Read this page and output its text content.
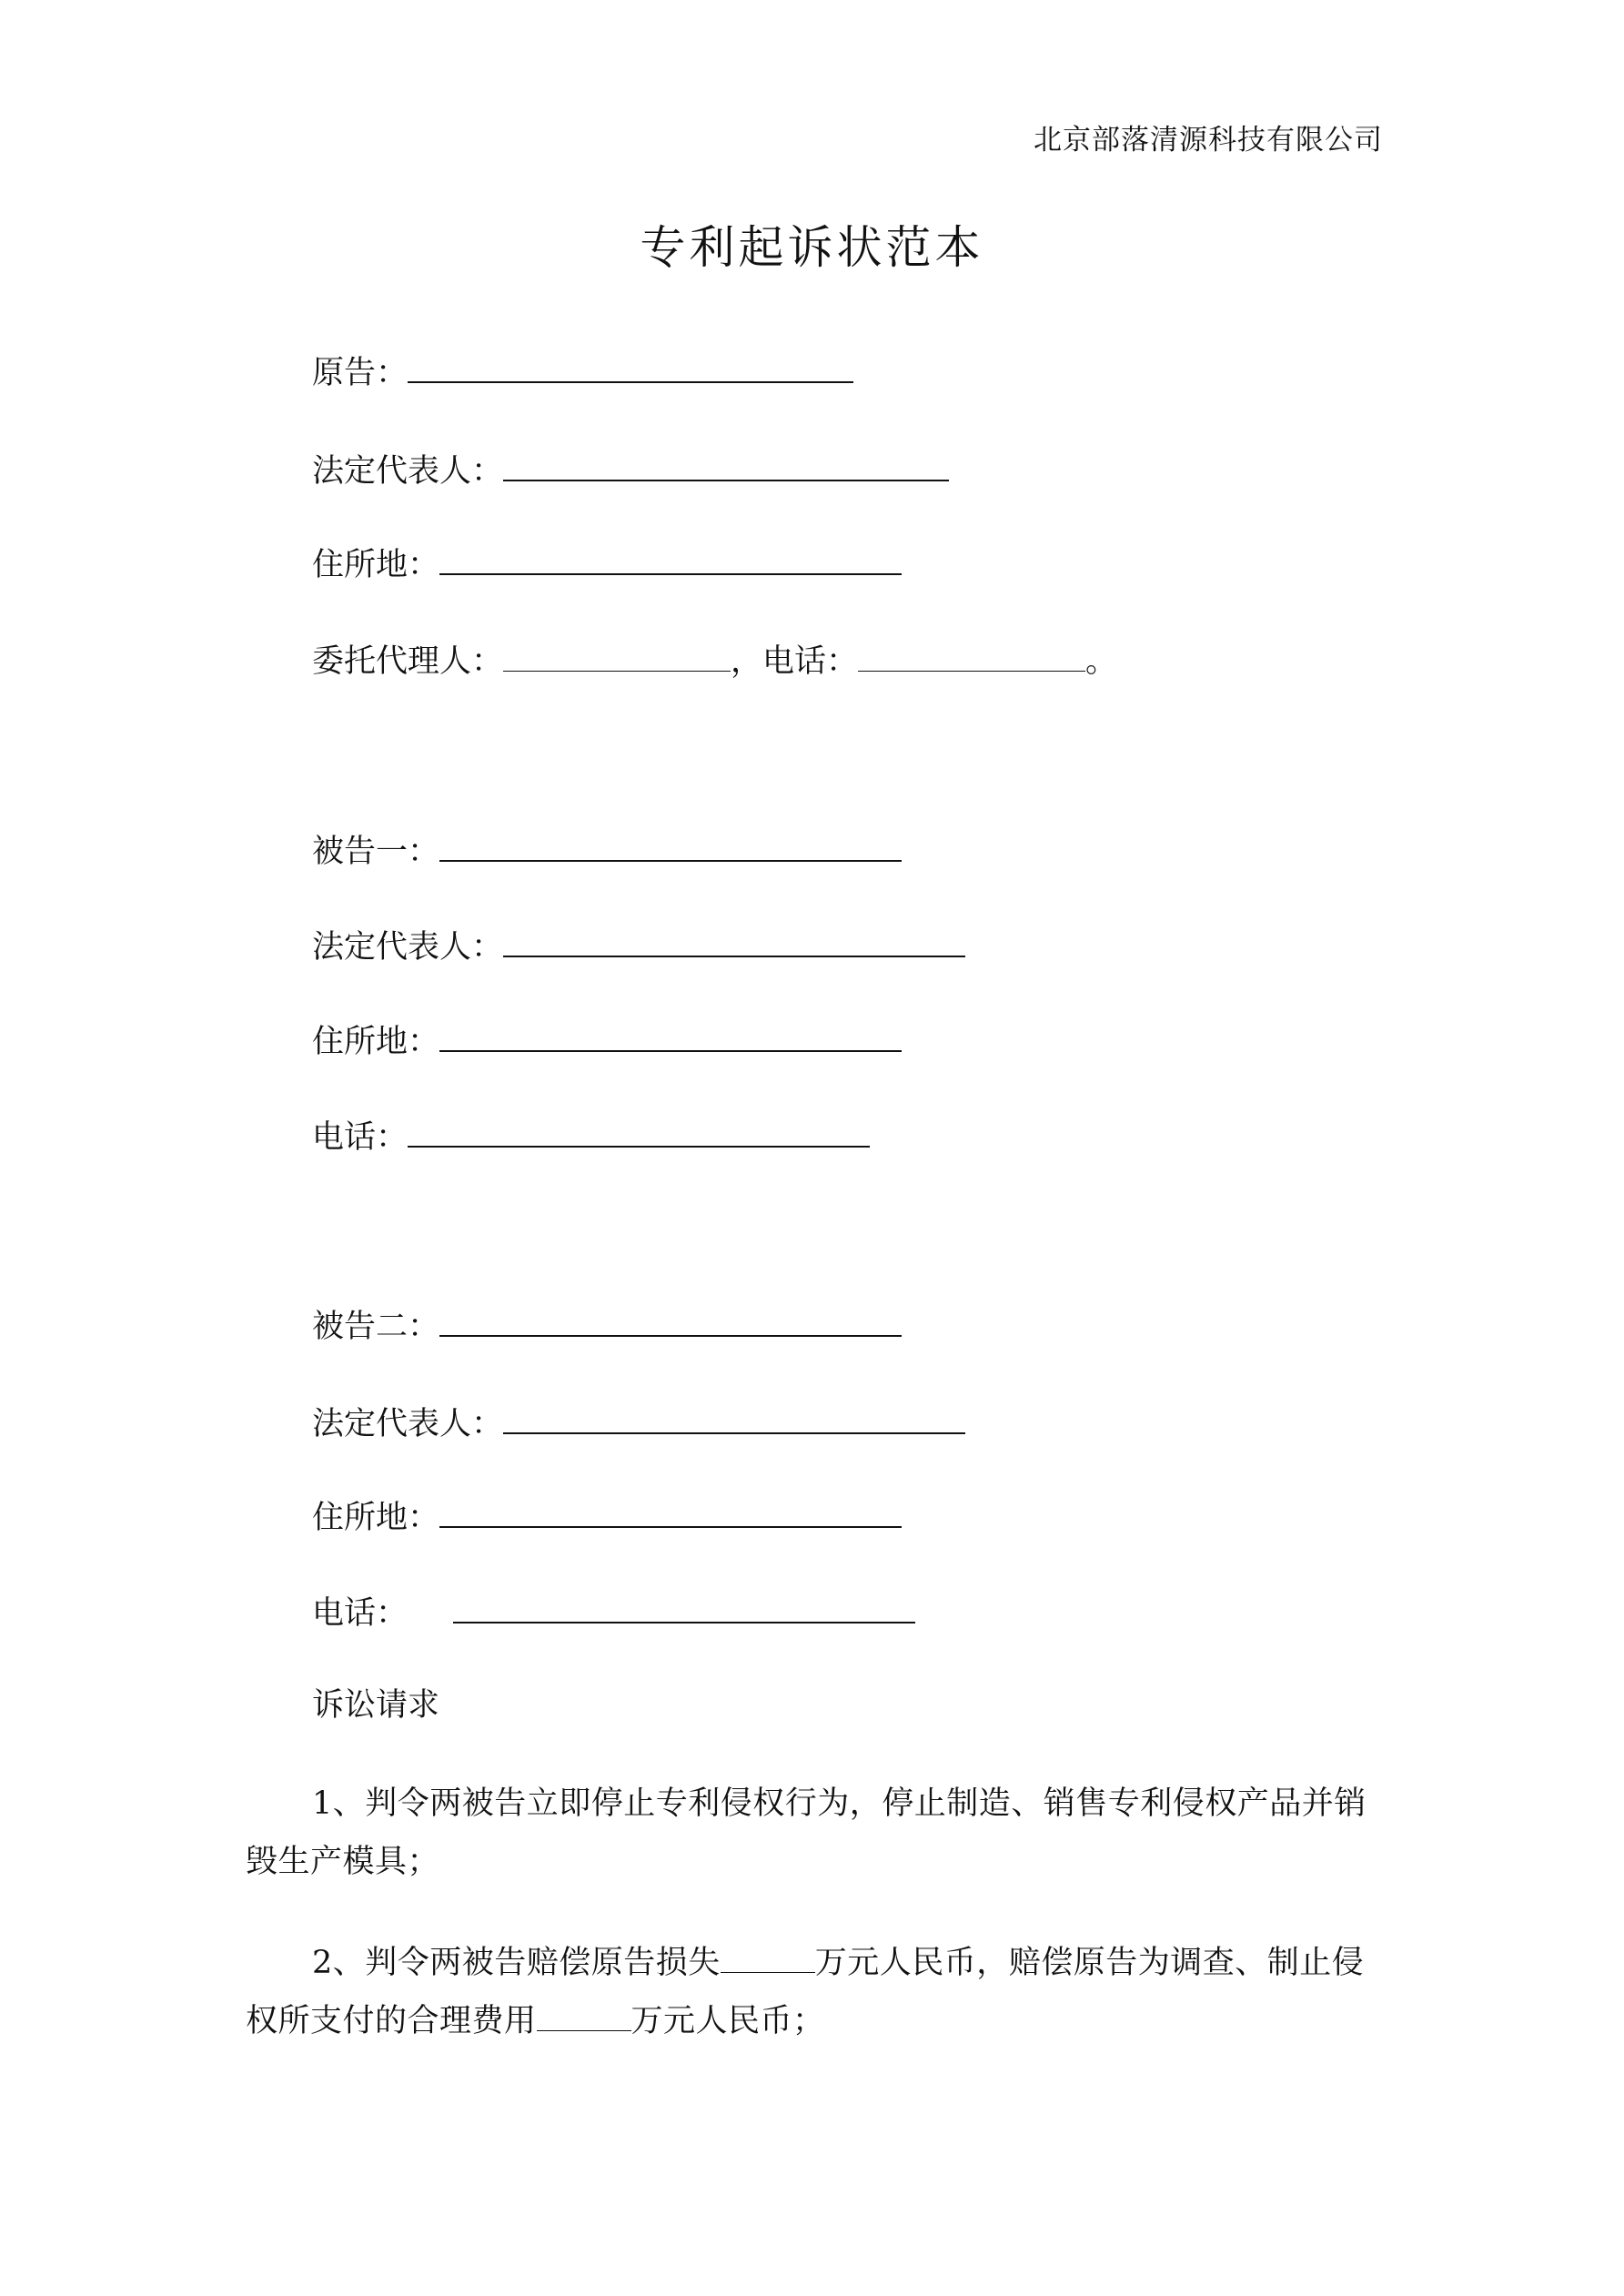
北京部落清源科技有限公司
专利起诉状范本
原告：
法定代表人：
住所地：
委托代理人：	，电话：	。
被告一：
法定代表人：
住所地：
电话：
被告二：
法定代表人：
住所地：
电话：
诉讼请求
1、判令两被告立即停止专利侵权行为，停止制造、销售专利侵权产品并销毁生产模具；
2、判令两被告赔偿原告损失	万元人民币，赔偿原告为调查、制止侵权所支付的合理费用	万元人民币；
